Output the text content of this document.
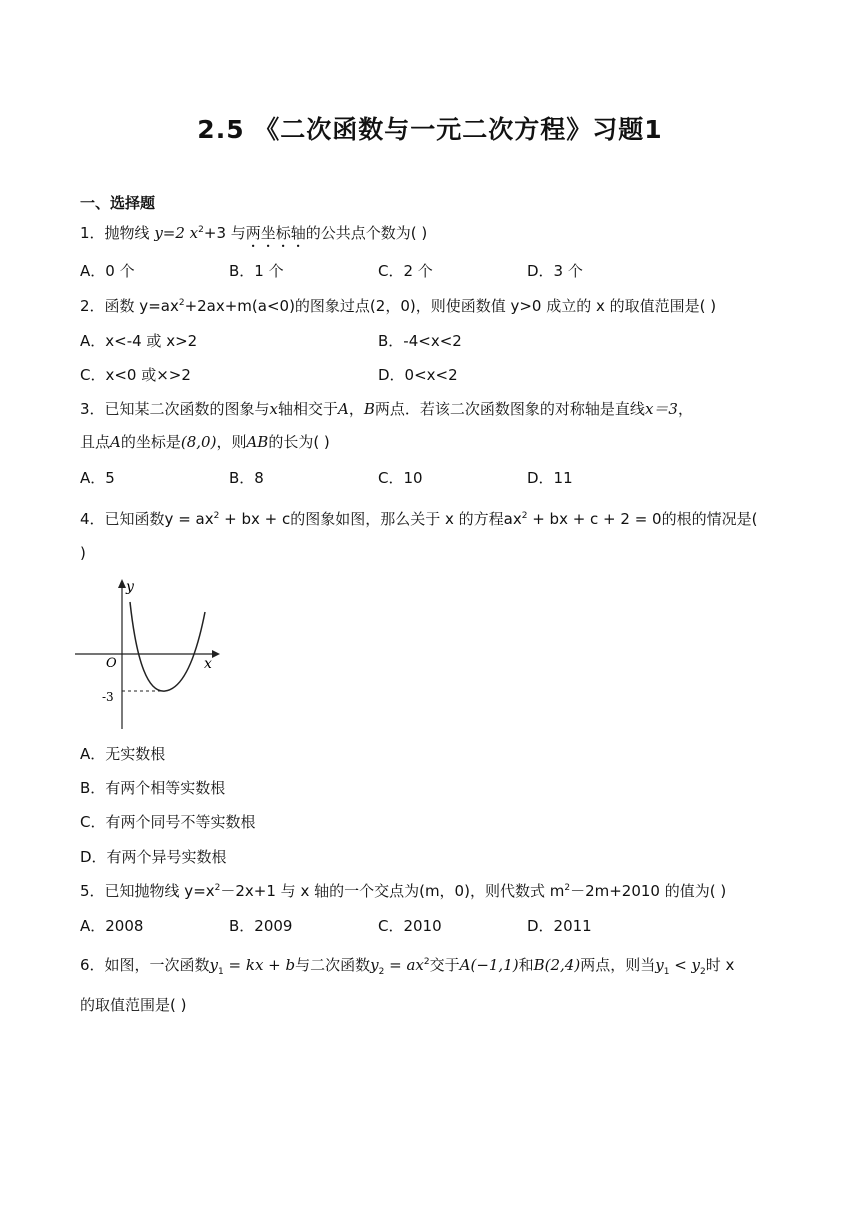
2.5 《二次函数与一元二次方程》习题1
一、选择题
1．抛物线 y=2 $x^2+3$ 与两坐标轴的公共点个数为( )
A．0 个	B．1 个	C．2 个	D．3 个
2．函数 $y=ax^2+2ax+m(a<0)$的图象过点(2，0)，则使函数值 y>0 成立的 x 的取值范围是( )
A．x<-4 或 x>2	B．-4<x<2
C．x<0 或×>2	D．0<x<2
3．已知某二次函数的图象与x轴相交于A，B两点．若该二次函数图象的对称轴是直线x＝3，
且点A的坐标是(8,0)，则AB的长为( )
A．5	B．8	C．10	D．11
4．已知函数$y = ax^2$ + bx + c的图象如图，那么关于 x 的方程$ax^2$ + bx + c + 2 = 0的根的情况是(
)
y
x
O
-3
A．无实数根
B．有两个相等实数根
C．有两个同号不等实数根
D．有两个异号实数根
5．已知抛物线 $y=x^2-2x+1$ 与 x 轴的一个交点为(m，0)，则代数式 $m^2-2m+2010$ 的值为( )
A．2008	B．2009	C．2010	D．2011
6．如图，一次函数$y_1$ = kx + b与二次函数$y_2 = ax^2$交于A(−1,1)和B(2,4)两点，则当$y_1 < y_2$时 x
的取值范围是( )
